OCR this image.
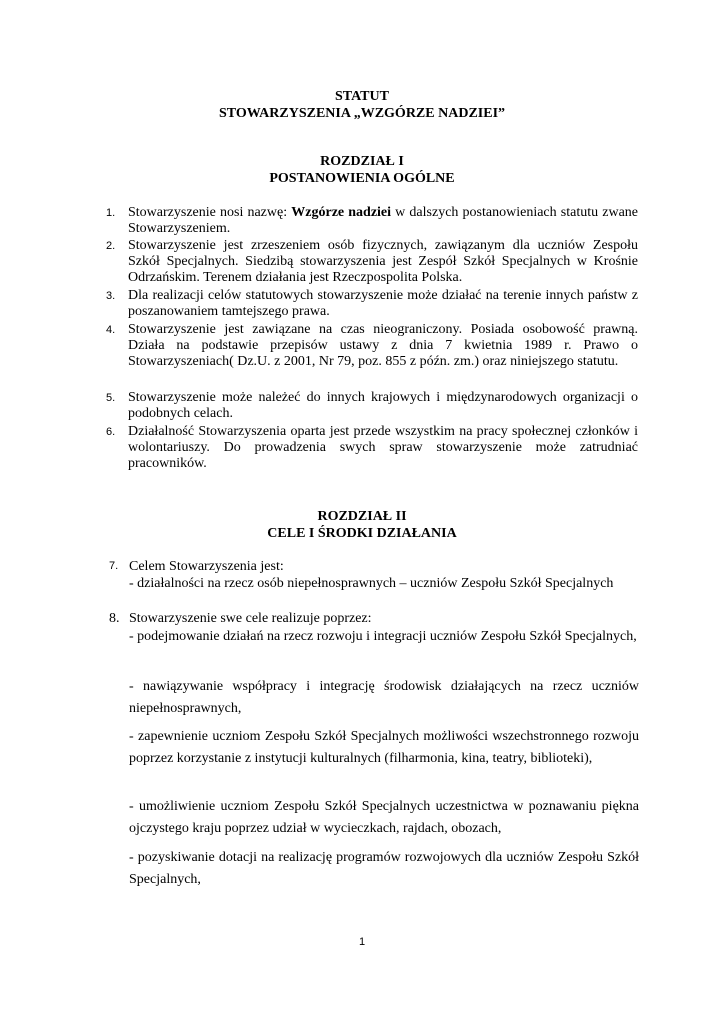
STATUT
STOWARZYSZENIA „WZGÓRZE NADZIEI”
ROZDZIAŁ I
POSTANOWIENIA OGÓLNE
1. Stowarzyszenie nosi nazwę: Wzgórze nadziei w dalszych postanowieniach statutu zwane Stowarzyszeniem.
2. Stowarzyszenie jest zrzeszeniem osób fizycznych, zawiązanym dla uczniów Zespołu Szkół Specjalnych. Siedzibą stowarzyszenia jest Zespół Szkół Specjalnych w Krośnie Odrzańskim. Terenem działania jest Rzeczpospolita Polska.
3. Dla realizacji celów statutowych stowarzyszenie może działać na terenie innych państw z poszanowaniem tamtejszego prawa.
4. Stowarzyszenie jest zawiązane na czas nieograniczony. Posiada osobowość prawną. Działa na podstawie przepisów ustawy z dnia 7 kwietnia 1989 r. Prawo o Stowarzyszeniach( Dz.U. z 2001, Nr 79, poz. 855 z późn. zm.) oraz niniejszego statutu.
5. Stowarzyszenie może należeć do innych krajowych i międzynarodowych organizacji o podobnych celach.
6. Działalność Stowarzyszenia oparta jest przede wszystkim na pracy społecznej członków i wolontariuszy. Do prowadzenia swych spraw stowarzyszenie może zatrudniać pracowników.
ROZDZIAŁ II
CELE I ŚRODKI DZIAŁANIA
7. Celem Stowarzyszenia jest:
- działalności na rzecz osób niepełnosprawnych – uczniów Zespołu Szkół Specjalnych
8. Stowarzyszenie swe cele realizuje poprzez:
- podejmowanie działań na rzecz rozwoju i integracji uczniów Zespołu Szkół Specjalnych,
- nawiązywanie współpracy i integrację środowisk działających na rzecz uczniów niepełnosprawnych,
- zapewnienie uczniom Zespołu Szkół Specjalnych możliwości wszechstronnego rozwoju poprzez korzystanie z instytucji kulturalnych (filharmonia, kina, teatry, biblioteki),
- umożliwienie uczniom Zespołu Szkół Specjalnych uczestnictwa w poznawaniu piękna ojczystego kraju poprzez udział w wycieczkach, rajdach, obozach,
- pozyskiwanie dotacji na realizację programów rozwojowych dla uczniów Zespołu Szkół Specjalnych,
1
